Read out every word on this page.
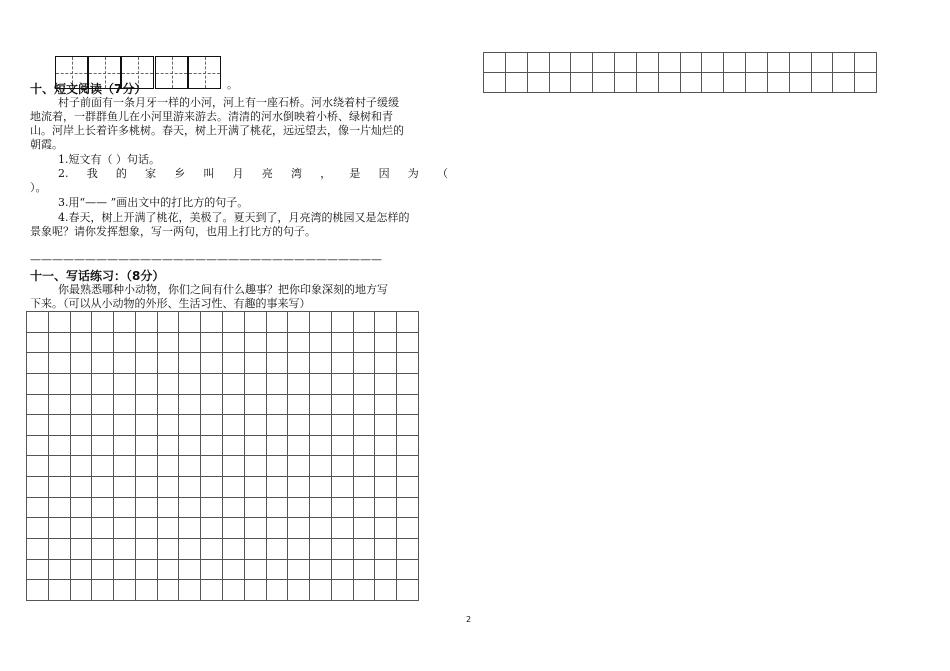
。
十、短文阅读（7分）
村子前面有一条月牙一样的小河，河上有一座石桥。河水绕着村子缓缓
地流着，一群群鱼儿在小河里游来游去。清清的河水倒映着小桥、绿树和青
山。河岸上长着许多桃树。春天，树上开满了桃花，远远望去，像一片灿烂的
朝霞。
1.短文有（ ）句话。
2. 我 的 家 乡 叫 月 亮 湾 ， 是 因 为 （
）。
3.用“—— ”画出文中的打比方的句子。
4.春天，树上开满了桃花，美极了。夏天到了，月亮湾的桃园又是怎样的
景象呢？请你发挥想象，写一两句，也用上打比方的句子。
————————————————————————————————
十一、写话练习：（8分）
你最熟悉哪种小动物，你们之间有什么趣事？把你印象深刻的地方写
下来。（可以从小动物的外形、生活习性、有趣的事来写）
2
